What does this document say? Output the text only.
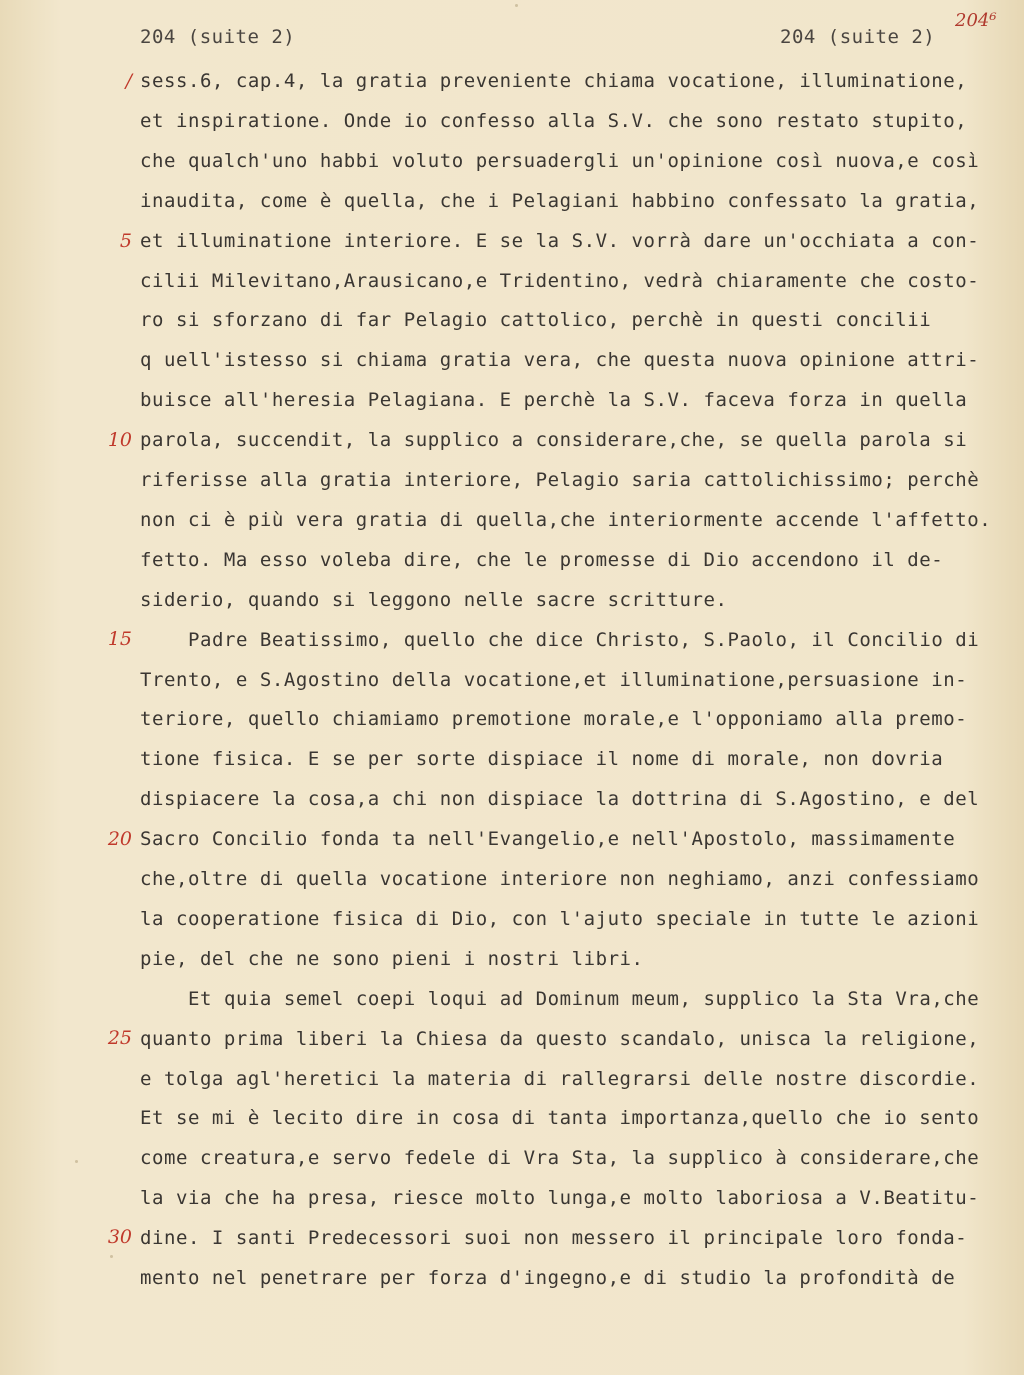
204 (suite 2)	204 (suite 2)
204⁶
sess.6, cap.4, la gratia preveniente chiama vocatione, illuminatione,
et inspiratione. Onde io confesso alla S.V. che sono restato stupito,
che qualch'uno habbi voluto persuadergli un'opinione così nuova,e così
inaudita, come è quella, che i Pelagiani habbino confessato la gratia,
et illuminatione interiore. E se la S.V. vorrà dare un'occhiata a con-
cilii Milevitano,Arausicano,e Tridentino, vedrà chiaramente che costo-
ro si sforzano di far Pelagio cattolico, perchè in questi concilii
q uell'istesso si chiama gratia vera, che questa nuova opinione attri-
buisce all'heresia Pelagiana. E perchè la S.V. faceva forza in quella
parola, succendit, la supplico a considerare,che, se quella parola si
riferisse alla gratia interiore, Pelagio saria cattolichissimo; perchè
non ci è più vera gratia di quella,che interiormente accende l'affetto.
fetto. Ma esso voleba dire, che le promesse di Dio accendono il de-
siderio, quando si leggono nelle sacre scritture.
Padre Beatissimo, quello che dice Christo, S.Paolo, il Concilio di
Trento, e S.Agostino della vocatione,et illuminatione,persuasione in-
teriore, quello chiamiamo premotione morale,e l'opponiamo alla premo-
tione fisica. E se per sorte dispiace il nome di morale, non dovria
dispiacere la cosa,a chi non dispiace la dottrina di S.Agostino, e del
Sacro Concilio fonda ta nell'Evangelio,e nell'Apostolo, massimamente
che,oltre di quella vocatione interiore non neghiamo, anzi confessiamo
la cooperatione fisica di Dio, con l'ajuto speciale in tutte le azioni
pie, del che ne sono pieni i nostri libri.
Et quia semel coepi loqui ad Dominum meum, supplico la Sta Vra,che
quanto prima liberi la Chiesa da questo scandalo, unisca la religione,
e tolga agl'heretici la materia di rallegrarsi delle nostre discordie.
Et se mi è lecito dire in cosa di tanta importanza,quello che io sento
come creatura,e servo fedele di Vra Sta, la supplico à considerare,che
la via che ha presa, riesce molto lunga,e molto laboriosa a V.Beatitu-
dine. I santi Predecessori suoi non messero il principale loro fonda-
mento nel penetrare per forza d'ingegno,e di studio la profondità de
/
5
10
15
20
25
30
